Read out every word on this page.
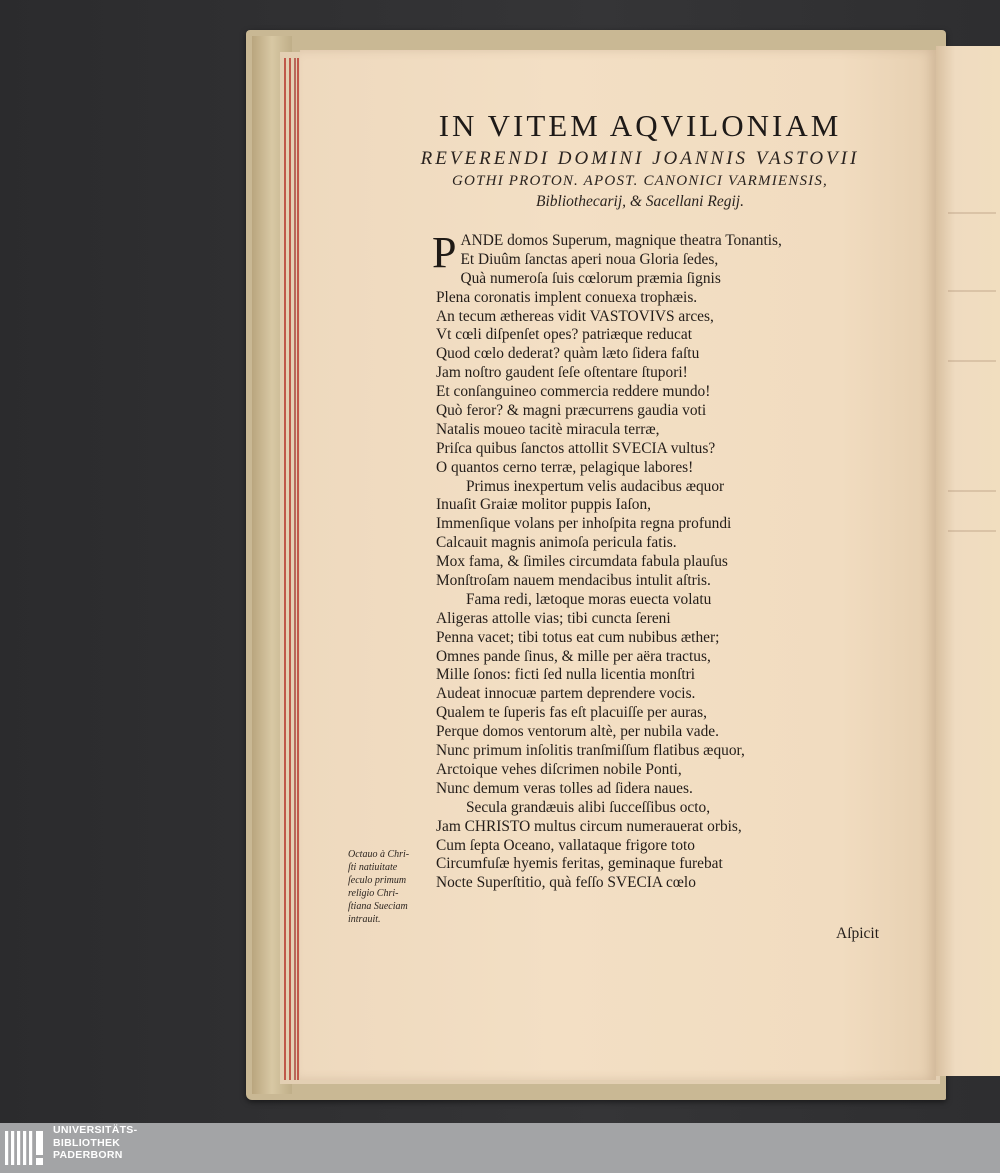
IN VITEM AQVILONIAM
REVERENDI DOMINI JOANNIS VASTOVII
GOTHI PROTON. APOST. CANONICI VARMIENSIS,
Bibliothecarij, & Sacellani Regij.
P ANDE domos Superum, magnique theatra Tonantis,
Et Diuûm ſanctas aperi noua Gloria ſedes,
Quà numeroſa ſuis cœlorum præmia ſignis
Plena coronatis implent conuexa trophæis.
An tecum æthereas vidit VASTOVIVS arces,
Vt cœli diſpenſet opes? patriæque reducat
Quod cœlo dederat? quàm læto ſidera faſtu
Jam noſtro gaudent ſeſe oſtentare ſtupori!
Et conſanguineo commercia reddere mundo!
Quò feror? & magni præcurrens gaudia voti
Natalis moueo tacitè miracula terræ,
Priſca quibus ſanctos attollit SVECIA vultus?
O quantos cerno terræ, pelagique labores!
Primus inexpertum velis audacibus æquor
Inuaſit Graiæ molitor puppis Iaſon,
Immenſique volans per inhoſpita regna profundi
Calcauit magnis animoſa pericula fatis.
Mox fama, & ſimiles circumdata fabula plauſus
Monſtroſam nauem mendacibus intulit aſtris.
Fama redi, lætoque moras euecta volatu
Aligeras attolle vias; tibi cuncta ſereni
Penna vacet; tibi totus eat cum nubibus æther;
Omnes pande ſinus, & mille per aëra tractus,
Mille ſonos: ficti ſed nulla licentia monſtri
Audeat innocuæ partem deprendere vocis.
Qualem te ſuperis fas eſt placuiſſe per auras,
Perque domos ventorum altè, per nubila vade.
Nunc primum inſolitis tranſmiſſum flatibus æquor,
Arctoique vehes diſcrimen nobile Ponti,
Nunc demum veras tolles ad ſidera naues.
Secula grandæuis alibi ſucceſſibus octo,
Jam CHRISTO multus circum numerauerat orbis,
Cum ſepta Oceano, vallataque frigore toto
Circumfuſæ hyemis feritas, geminaque furebat
Nocte Superſtitio, quà feſſo SVECIA cœlo
Octauo à Chri-
ſti natiuitate
ſeculo primum
religio Chri-
ſtiana Sueciam
intrauit.
Aſpicit
UNIVERSITÄTS-
BIBLIOTHEK
PADERBORN
